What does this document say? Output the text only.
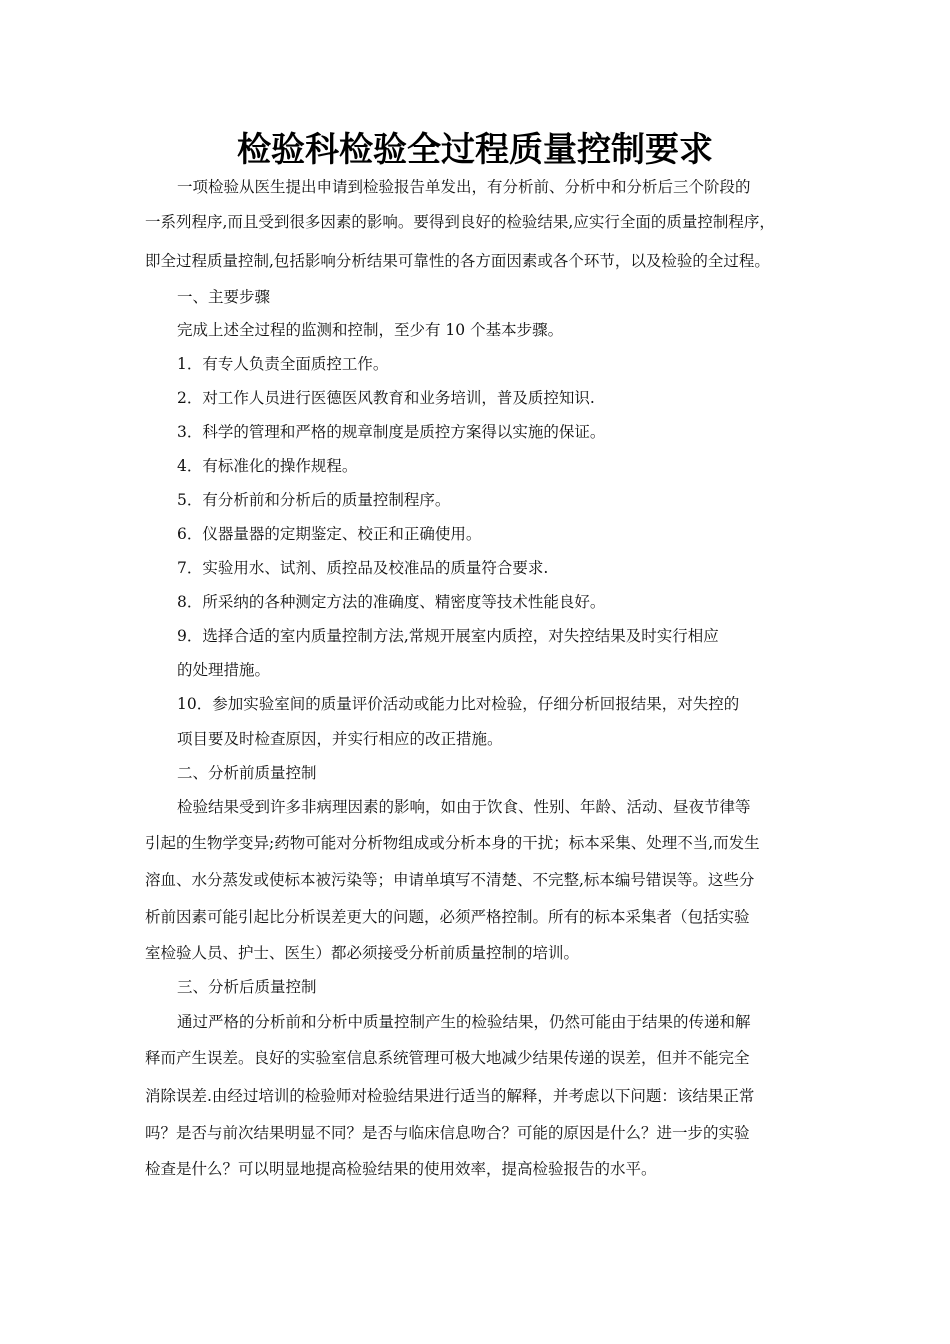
检验科检验全过程质量控制要求

一项检验从医生提出申请到检验报告单发出，有分析前、分析中和分析后三个阶段的

一系列程序,而且受到很多因素的影响。要得到良好的检验结果,应实行全面的质量控制程序，

即全过程质量控制,包括影响分析结果可靠性的各方面因素或各个环节，以及检验的全过程。

一、主要步骤

完成上述全过程的监测和控制，至少有 10 个基本步骤。

1．有专人负责全面质控工作。

2．对工作人员进行医德医风教育和业务培训，普及质控知识.

3．科学的管理和严格的规章制度是质控方案得以实施的保证。

4．有标准化的操作规程。

5．有分析前和分析后的质量控制程序。

6．仪器量器的定期鉴定、校正和正确使用。

7．实验用水、试剂、质控品及校准品的质量符合要求.

8．所采纳的各种测定方法的准确度、精密度等技术性能良好。

9．选择合适的室内质量控制方法,常规开展室内质控，对失控结果及时实行相应

的处理措施。

10．参加实验室间的质量评价活动或能力比对检验，仔细分析回报结果，对失控的

项目要及时检查原因，并实行相应的改正措施。

二、分析前质量控制

检验结果受到许多非病理因素的影响，如由于饮食、性别、年龄、活动、昼夜节律等

引起的生物学变异;药物可能对分析物组成或分析本身的干扰；标本采集、处理不当,而发生

溶血、水分蒸发或使标本被污染等；申请单填写不清楚、不完整,标本编号错误等。这些分

析前因素可能引起比分析误差更大的问题，必须严格控制。所有的标本采集者（包括实验

室检验人员、护士、医生）都必须接受分析前质量控制的培训。

三、分析后质量控制

通过严格的分析前和分析中质量控制产生的检验结果，仍然可能由于结果的传递和解

释而产生误差。良好的实验室信息系统管理可极大地减少结果传递的误差，但并不能完全

消除误差.由经过培训的检验师对检验结果进行适当的解释，并考虑以下问题：该结果正常

吗？是否与前次结果明显不同？是否与临床信息吻合？可能的原因是什么？进一步的实验

检查是什么？可以明显地提高检验结果的使用效率，提高检验报告的水平。
